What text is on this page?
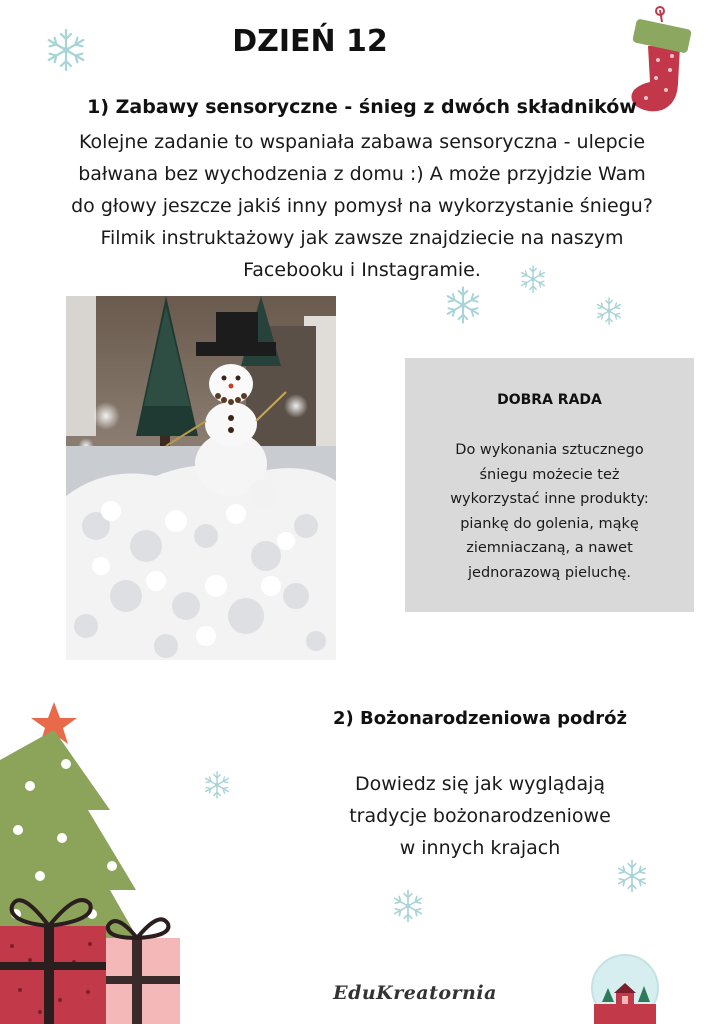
DZIEŃ 12
1) Zabawy sensoryczne - śnieg z dwóch składników
Kolejne zadanie to wspaniała zabawa sensoryczna - ulepcie
bałwana bez wychodzenia z domu :) A może przyjdzie Wam
do głowy jeszcze jakiś inny pomysł na wykorzystanie śniegu?
Filmik instruktażowy jak zawsze znajdziecie na naszym
Facebooku i Instagramie.
DOBRA RADA
Do wykonania sztucznego
śniegu możecie też
wykorzystać inne produkty:
piankę do golenia, mąkę
ziemniaczaną, a nawet
jednorazową pieluchę.
2) Bożonarodzeniowa podróż
Dowiedz się jak wyglądają
tradycje bożonarodzeniowe
w innych krajach
EduKreatornia
